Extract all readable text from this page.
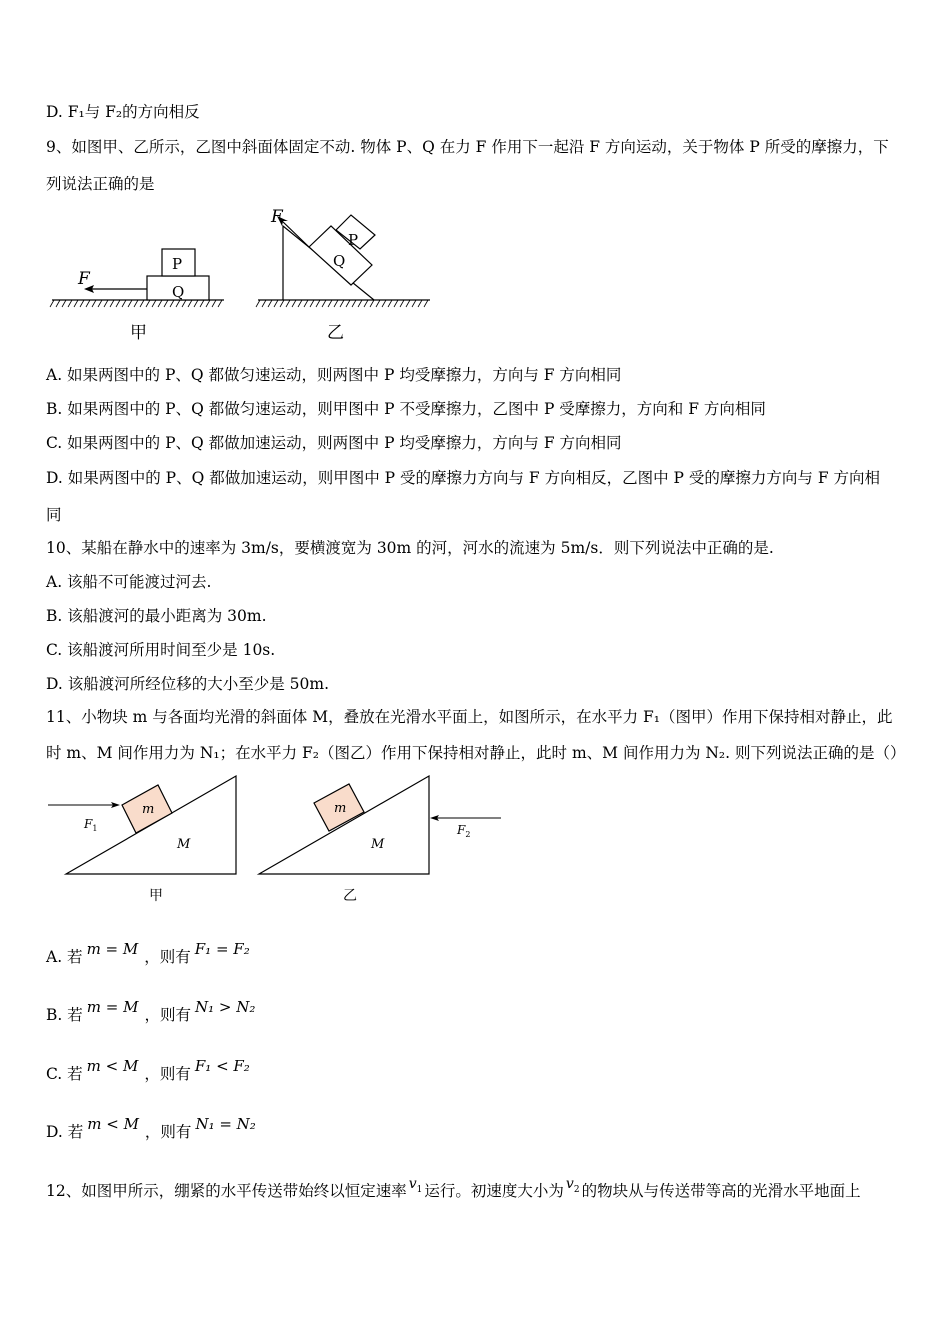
D. F₁与 F₂的方向相反
9、如图甲、乙所示，乙图中斜面体固定不动. 物体 P、Q 在力 F 作用下一起沿 F 方向运动，关于物体 P 所受的摩擦力，下
列说法正确的是
Q
P
F
甲
Q
P
F
乙
A. 如果两图中的 P、Q 都做匀速运动，则两图中 P 均受摩擦力，方向与 F 方向相同
B. 如果两图中的 P、Q 都做匀速运动，则甲图中 P 不受摩擦力，乙图中 P 受摩擦力，方向和 F 方向相同
C. 如果两图中的 P、Q 都做加速运动，则两图中 P 均受摩擦力，方向与 F 方向相同
D. 如果两图中的 P、Q 都做加速运动，则甲图中 P 受的摩擦力方向与 F 方向相反，乙图中 P 受的摩擦力方向与 F 方向相
同
10、某船在静水中的速率为 3m/s，要横渡宽为 30m 的河，河水的流速为 5m/s．则下列说法中正确的是.
A. 该船不可能渡过河去.
B. 该船渡河的最小距离为 30m.
C. 该船渡河所用时间至少是 10s.
D. 该船渡河所经位移的大小至少是 50m.
11、小物块 m 与各面均光滑的斜面体 M，叠放在光滑水平面上，如图所示，在水平力 F₁（图甲）作用下保持相对静止，此
时 m、M 间作用力为 N₁；在水平力 F₂（图乙）作用下保持相对静止，此时 m、M 间作用力为 N₂. 则下列说法正确的是（）
m
M
$F_1$
甲
m
M
$F_2$
乙
A. 若 m = M ，则有 F₁ = F₂
B. 若 m = M ，则有 N₁ > N₂
C. 若 m < M ，则有 F₁ < F₂
D. 若 m < M ，则有 N₁ = N₂
12、如图甲所示，绷紧的水平传送带始终以恒定速率 $v_1$ 运行。初速度大小为 $v_2$ 的物块从与传送带等高的光滑水平地面上
